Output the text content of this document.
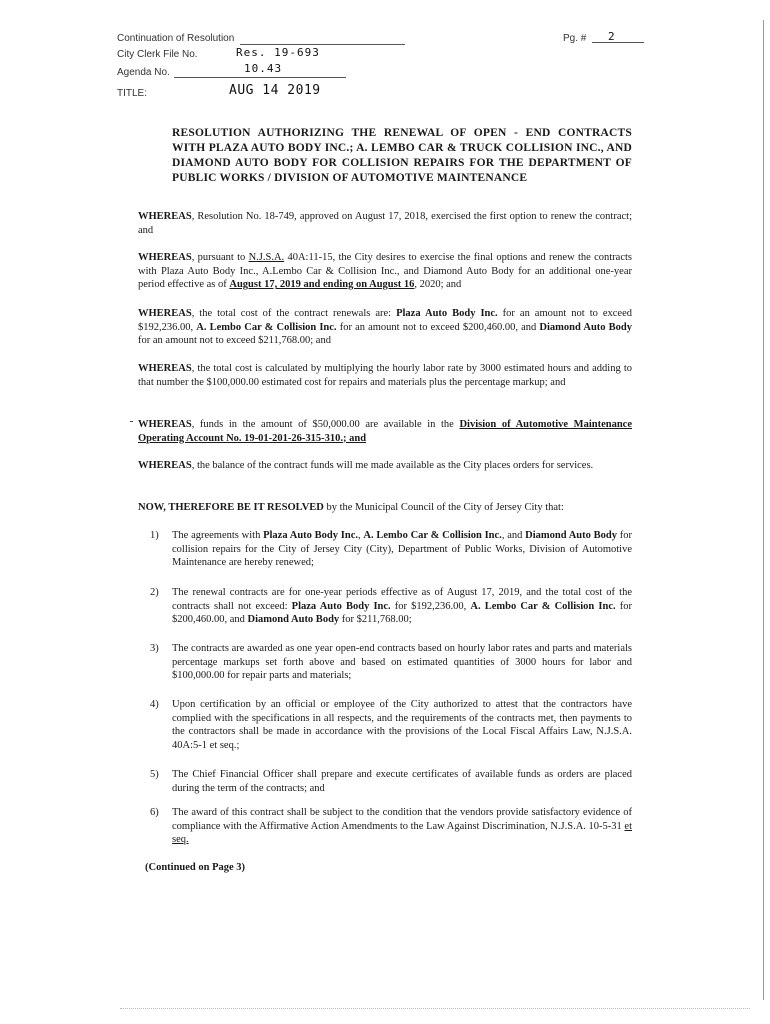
Continuation of Resolution
City Clerk File No.	Res. 19-693
Agenda No.	10.43
TITLE:	AUG 14 2019
Pg. # 2
RESOLUTION AUTHORIZING THE RENEWAL OF OPEN - END CONTRACTS WITH PLAZA AUTO BODY INC.; A. LEMBO CAR & TRUCK COLLISION INC., AND DIAMOND AUTO BODY FOR COLLISION REPAIRS FOR THE DEPARTMENT OF PUBLIC WORKS / DIVISION OF AUTOMOTIVE MAINTENANCE
WHEREAS, Resolution No. 18-749, approved on August 17, 2018, exercised the first option to renew the contract; and
WHEREAS, pursuant to N.J.S.A. 40A:11-15, the City desires to exercise the final options and renew the contracts with Plaza Auto Body Inc., A.Lembo Car & Collision Inc., and Diamond Auto Body for an additional one-year period effective as of August 17, 2019 and ending on August 16, 2020; and
WHEREAS, the total cost of the contract renewals are: Plaza Auto Body Inc. for an amount not to exceed $192,236.00, A. Lembo Car & Collision Inc. for an amount not to exceed $200,460.00, and Diamond Auto Body for an amount not to exceed $211,768.00; and
WHEREAS, the total cost is calculated by multiplying the hourly labor rate by 3000 estimated hours and adding to that number the $100,000.00 estimated cost for repairs and materials plus the percentage markup; and
WHEREAS, funds in the amount of $50,000.00 are available in the Division of Automotive Maintenance Operating Account No. 19-01-201-26-315-310.; and
WHEREAS, the balance of the contract funds will me made available as the City places orders for services.
NOW, THEREFORE BE IT RESOLVED by the Municipal Council of the City of Jersey City that:
1) The agreements with Plaza Auto Body Inc., A. Lembo Car & Collision Inc., and Diamond Auto Body for collision repairs for the City of Jersey City (City), Department of Public Works, Division of Automotive Maintenance are hereby renewed;
2) The renewal contracts are for one-year periods effective as of August 17, 2019, and the total cost of the contracts shall not exceed: Plaza Auto Body Inc. for $192,236.00, A. Lembo Car & Collision Inc. for $200,460.00, and Diamond Auto Body for $211,768.00;
3) The contracts are awarded as one year open-end contracts based on hourly labor rates and parts and materials percentage markups set forth above and based on estimated quantities of 3000 hours for labor and $100,000.00 for repair parts and materials;
4) Upon certification by an official or employee of the City authorized to attest that the contractors have complied with the specifications in all respects, and the requirements of the contracts met, then payments to the contractors shall be made in accordance with the provisions of the Local Fiscal Affairs Law, N.J.S.A. 40A:5-1 et seq.;
5) The Chief Financial Officer shall prepare and execute certificates of available funds as orders are placed during the term of the contracts; and
6) The award of this contract shall be subject to the condition that the vendors provide satisfactory evidence of compliance with the Affirmative Action Amendments to the Law Against Discrimination, N.J.S.A. 10-5-31 et seq.
(Continued on Page 3)
